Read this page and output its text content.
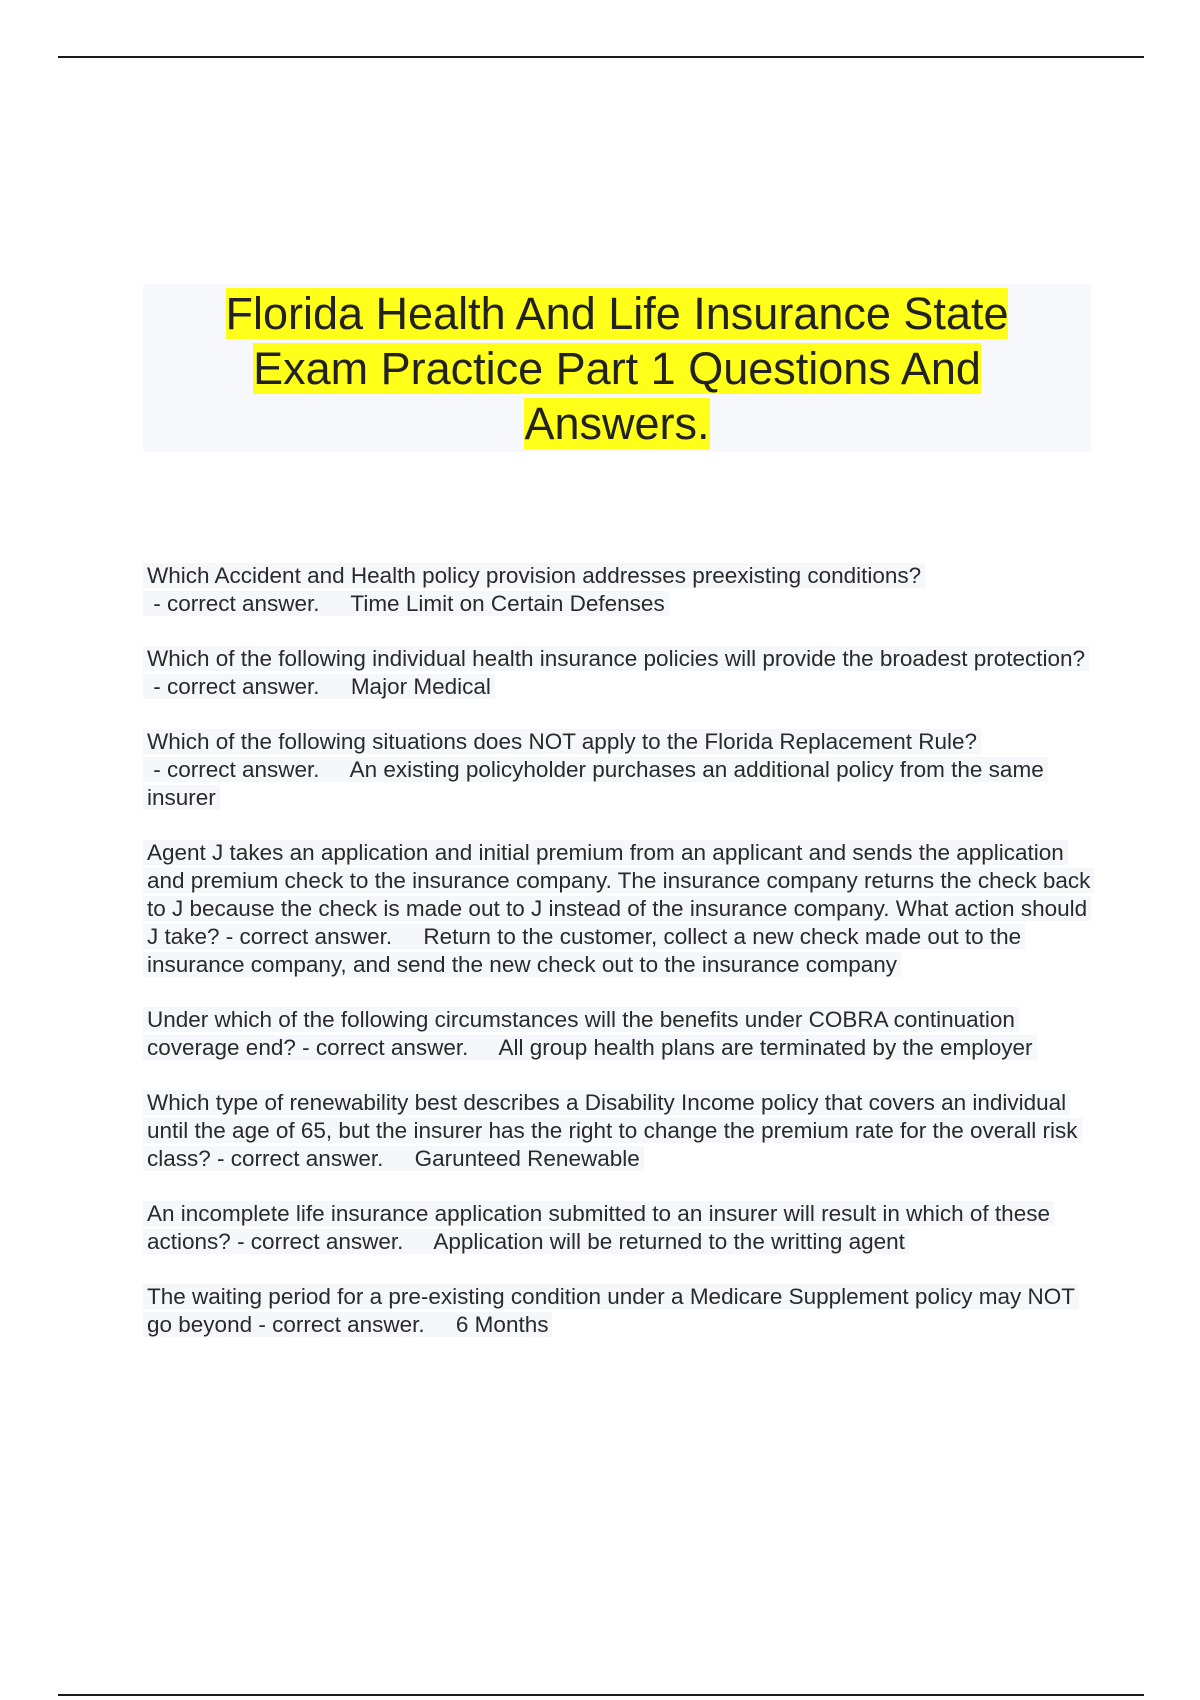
Florida Health And Life Insurance State Exam Practice Part 1 Questions And Answers.
Which Accident and Health policy provision addresses preexisting conditions? - correct answer.     Time Limit on Certain Defenses
Which of the following individual health insurance policies will provide the broadest protection? - correct answer.     Major Medical
Which of the following situations does NOT apply to the Florida Replacement Rule? - correct answer.     An existing policyholder purchases an additional policy from the same insurer
Agent J takes an application and initial premium from an applicant and sends the application and premium check to the insurance company. The insurance company returns the check back to J because the check is made out to J instead of the insurance company. What action should J take? - correct answer.     Return to the customer, collect a new check made out to the insurance company, and send the new check out to the insurance company
Under which of the following circumstances will the benefits under COBRA continuation coverage end? - correct answer.     All group health plans are terminated by the employer
Which type of renewability best describes a Disability Income policy that covers an individual until the age of 65, but the insurer has the right to change the premium rate for the overall risk class? - correct answer.     Garunteed Renewable
An incomplete life insurance application submitted to an insurer will result in which of these actions? - correct answer.     Application will be returned to the writting agent
The waiting period for a pre-existing condition under a Medicare Supplement policy may NOT go beyond - correct answer.     6 Months
